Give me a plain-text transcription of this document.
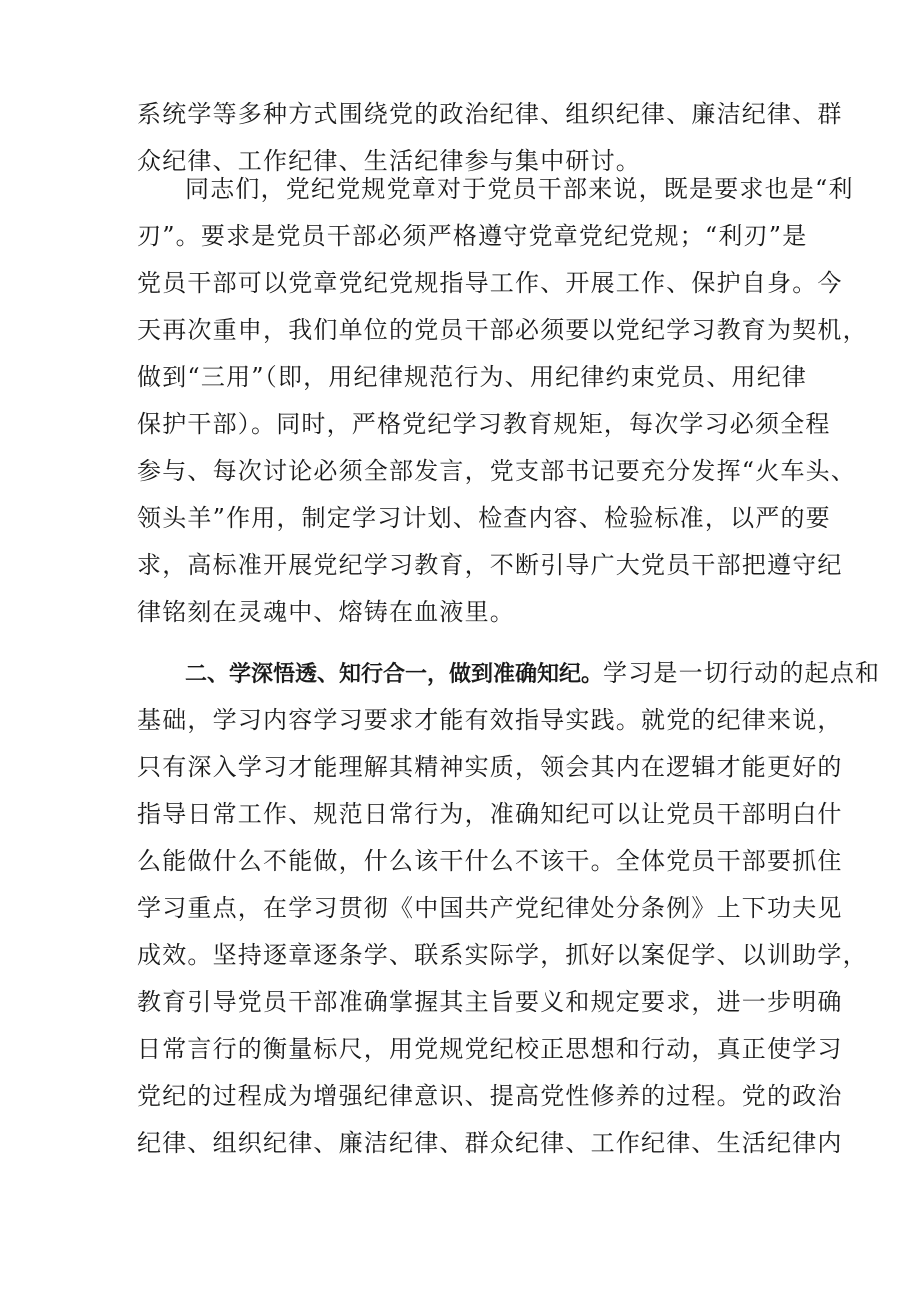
系统学等多种方式围绕党的政治纪律、组织纪律、廉洁纪律、群
众纪律、工作纪律、生活纪律参与集中研讨。
同志们，党纪党规党章对于党员干部来说，既是要求也是“利
刃”。要求是党员干部必须严格遵守党章党纪党规；“利刃”是
党员干部可以党章党纪党规指导工作、开展工作、保护自身。今
天再次重申，我们单位的党员干部必须要以党纪学习教育为契机，
做到“三用”（即，用纪律规范行为、用纪律约束党员、用纪律
保护干部）。同时，严格党纪学习教育规矩，每次学习必须全程
参与、每次讨论必须全部发言，党支部书记要充分发挥“火车头、
领头羊”作用，制定学习计划、检查内容、检验标准，以严的要
求，高标准开展党纪学习教育，不断引导广大党员干部把遵守纪
律铭刻在灵魂中、熔铸在血液里。
二、学深悟透、知行合一，做到准确知纪。学习是一切行动的起点和
基础，学习内容学习要求才能有效指导实践。就党的纪律来说，
只有深入学习才能理解其精神实质，领会其内在逻辑才能更好的
指导日常工作、规范日常行为，准确知纪可以让党员干部明白什
么能做什么不能做，什么该干什么不该干。全体党员干部要抓住
学习重点，在学习贯彻《中国共产党纪律处分条例》上下功夫见
成效。坚持逐章逐条学、联系实际学，抓好以案促学、以训助学，
教育引导党员干部准确掌握其主旨要义和规定要求，进一步明确
日常言行的衡量标尺，用党规党纪校正思想和行动，真正使学习
党纪的过程成为增强纪律意识、提高党性修养的过程。党的政治
纪律、组织纪律、廉洁纪律、群众纪律、工作纪律、生活纪律内
